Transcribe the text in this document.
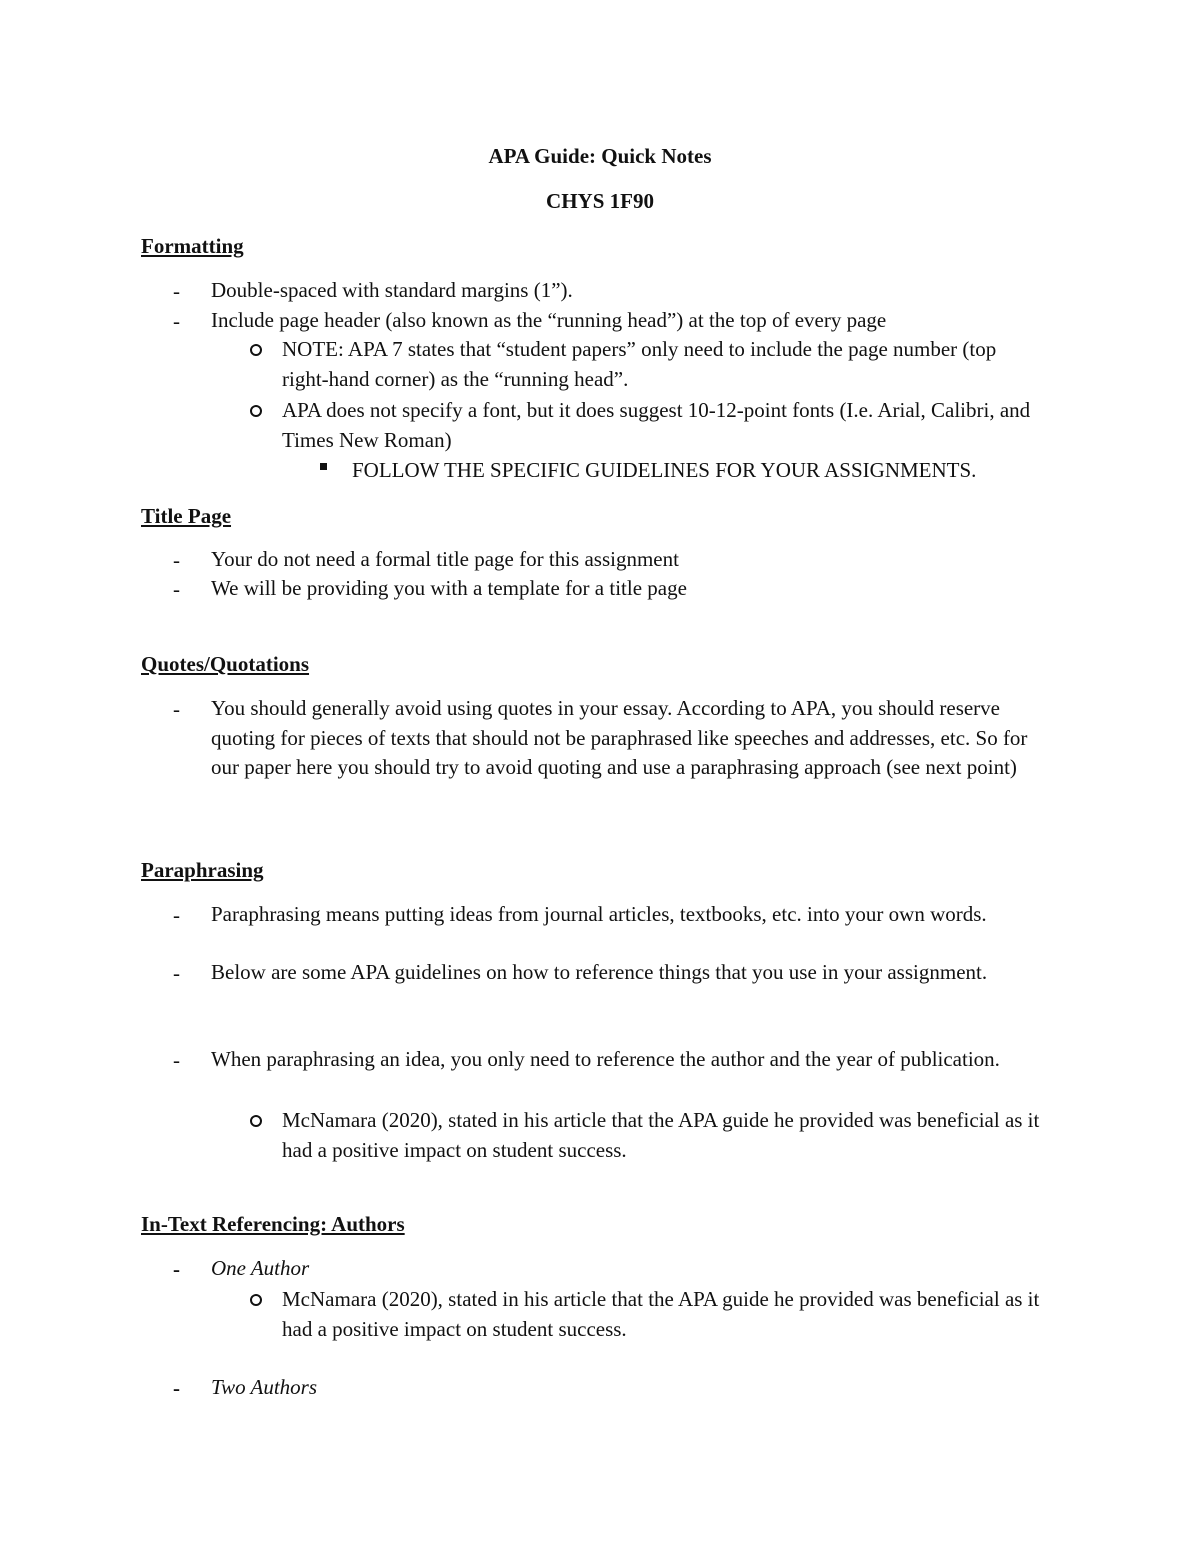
APA Guide: Quick Notes
CHYS 1F90
Formatting
- Double-spaced with standard margins (1”).
- Include page header (also known as the “running head”) at the top of every page
NOTE: APA 7 states that “student papers” only need to include the page number (top right-hand corner) as the “running head”.
APA does not specify a font, but it does suggest 10-12-point fonts (I.e. Arial, Calibri, and Times New Roman)
FOLLOW THE SPECIFIC GUIDELINES FOR YOUR ASSIGNMENTS.
Title Page
- Your do not need a formal title page for this assignment
- We will be providing you with a template for a title page
Quotes/Quotations
- You should generally avoid using quotes in your essay. According to APA, you should reserve quoting for pieces of texts that should not be paraphrased like speeches and addresses, etc. So for our paper here you should try to avoid quoting and use a paraphrasing approach (see next point)
Paraphrasing
- Paraphrasing means putting ideas from journal articles, textbooks, etc. into your own words.
- Below are some APA guidelines on how to reference things that you use in your assignment.
- When paraphrasing an idea, you only need to reference the author and the year of publication.
McNamara (2020), stated in his article that the APA guide he provided was beneficial as it had a positive impact on student success.
In-Text Referencing: Authors
- One Author
McNamara (2020), stated in his article that the APA guide he provided was beneficial as it had a positive impact on student success.
- Two Authors
